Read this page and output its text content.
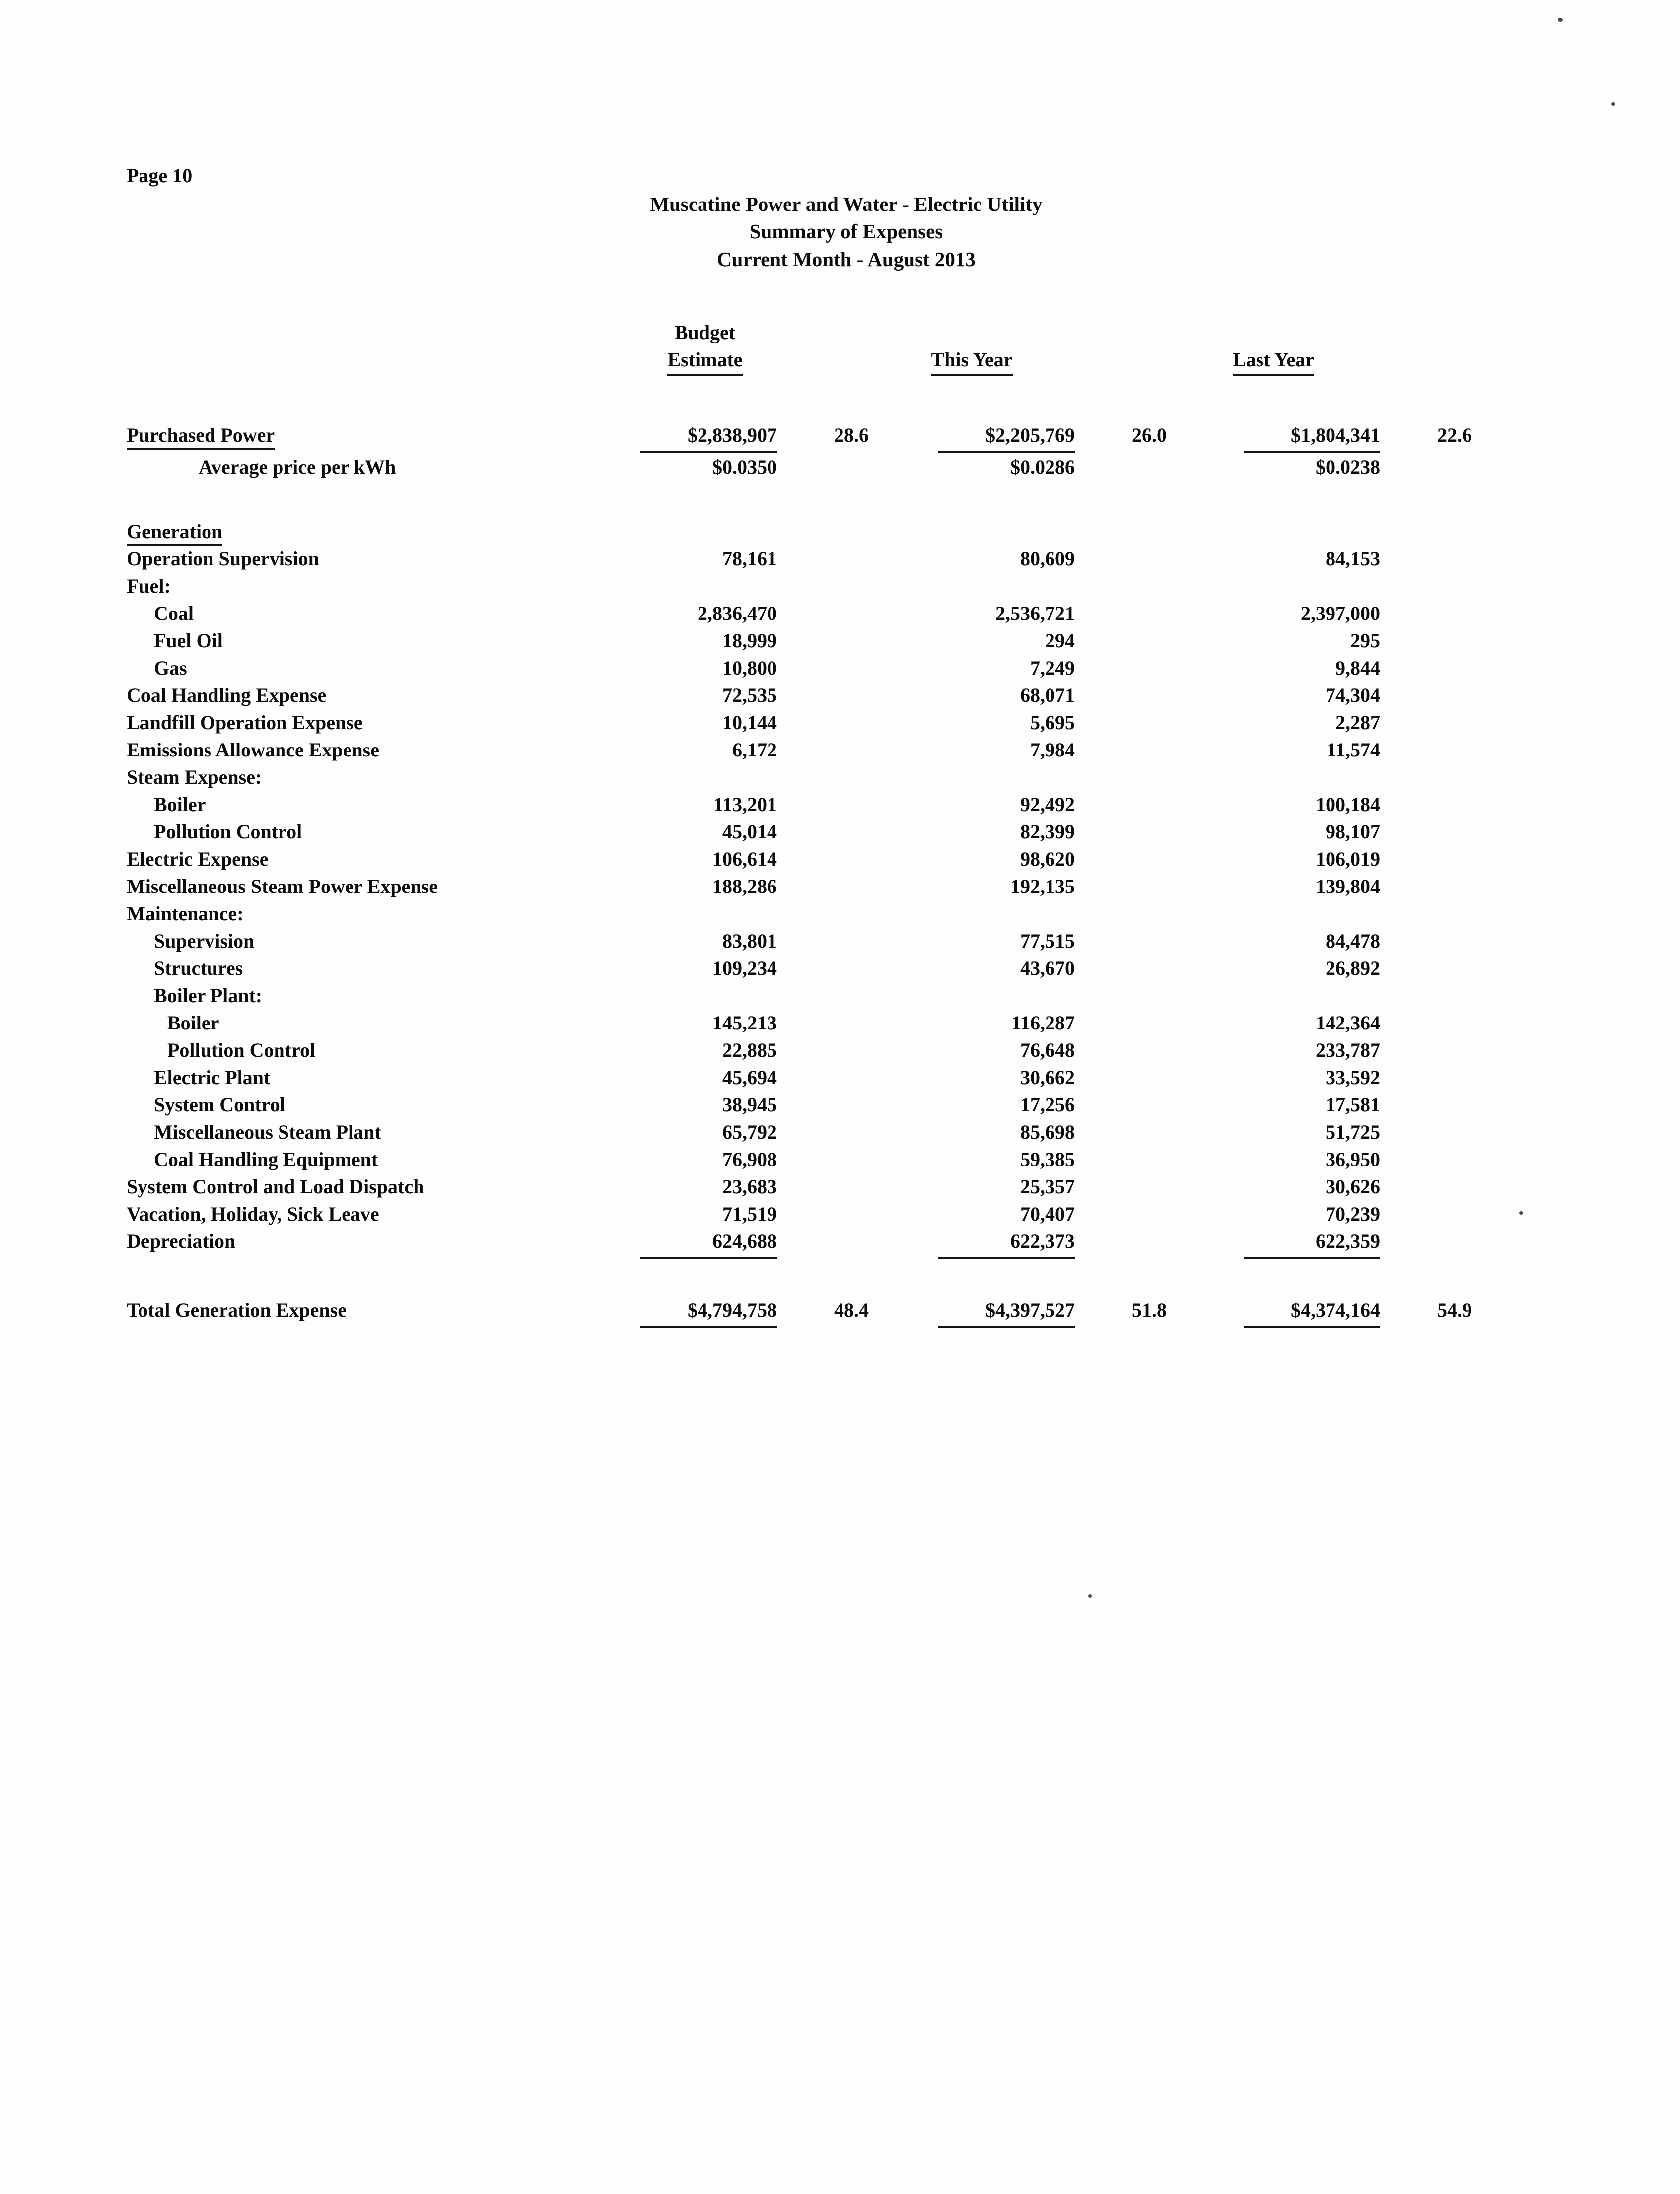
Page 10
Muscatine Power and Water - Electric Utility
Summary of Expenses
Current Month - August 2013
Budget
Estimate	This Year	Last Year
Purchased Power	$2,838,907	28.6	$2,205,769	26.0	$1,804,341	22.6
Average price per kWh	$0.0350	$0.0286	$0.0238
Generation
Operation Supervision	78,161	80,609	84,153
Fuel:
Coal	2,836,470	2,536,721	2,397,000
Fuel Oil	18,999	294	295
Gas	10,800	7,249	9,844
Coal Handling Expense	72,535	68,071	74,304
Landfill Operation Expense	10,144	5,695	2,287
Emissions Allowance Expense	6,172	7,984	11,574
Steam Expense:
Boiler	113,201	92,492	100,184
Pollution Control	45,014	82,399	98,107
Electric Expense	106,614	98,620	106,019
Miscellaneous Steam Power Expense	188,286	192,135	139,804
Maintenance:
Supervision	83,801	77,515	84,478
Structures	109,234	43,670	26,892
Boiler Plant:
Boiler	145,213	116,287	142,364
Pollution Control	22,885	76,648	233,787
Electric Plant	45,694	30,662	33,592
System Control	38,945	17,256	17,581
Miscellaneous Steam Plant	65,792	85,698	51,725
Coal Handling Equipment	76,908	59,385	36,950
System Control and Load Dispatch	23,683	25,357	30,626
Vacation, Holiday, Sick Leave	71,519	70,407	70,239
Depreciation	624,688	622,373	622,359
Total Generation Expense	$4,794,758	48.4	$4,397,527	51.8	$4,374,164	54.9
